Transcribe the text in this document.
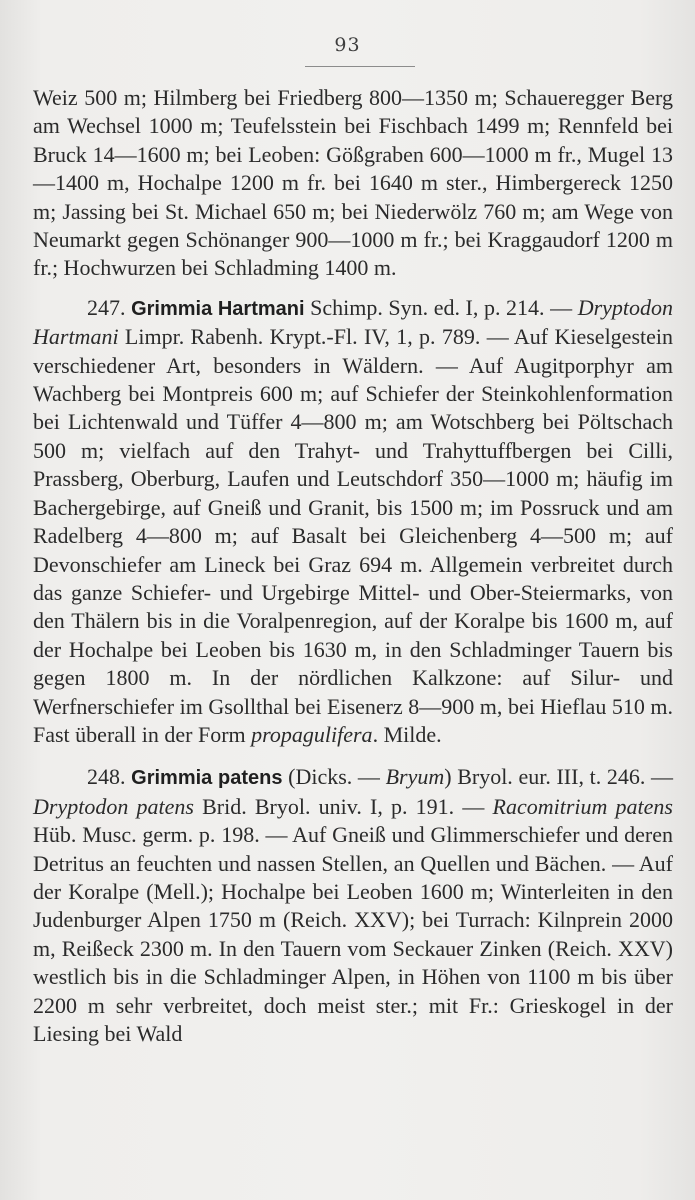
93

Weiz 500 m; Hilmberg bei Friedberg 800—1350 m; Schaueregger Berg am Wechsel 1000 m; Teufelsstein bei Fischbach 1499 m; Rennfeld bei Bruck 14—1600 m; bei Leoben: Gößgraben 600—1000 m fr., Mugel 13—1400 m, Hochalpe 1200 m fr. bei 1640 m ster., Himbergereck 1250 m; Jassing bei St. Michael 650 m; bei Niederwölz 760 m; am Wege von Neumarkt gegen Schönanger 900—1000 m fr.; bei Kraggaudorf 1200 m fr.; Hochwurzen bei Schladming 1400 m.

247. Grimmia Hartmani Schimp. Syn. ed. I, p. 214. — Dryptodon Hartmani Limpr. Rabenh. Krypt.-Fl. IV, 1, p. 789. — Auf Kieselgestein verschiedener Art, besonders in Wäldern. — Auf Augitporphyr am Wachberg bei Montpreis 600 m; auf Schiefer der Steinkohlenformation bei Lichtenwald und Tüffer 4—800 m; am Wotschberg bei Pöltschach 500 m; vielfach auf den Trahyt- und Trahyttuffbergen bei Cilli, Prassberg, Oberburg, Laufen und Leutschdorf 350—1000 m; häufig im Bachergebirge, auf Gneiß und Granit, bis 1500 m; im Possruck und am Radelberg 4—800 m; auf Basalt bei Gleichenberg 4—500 m; auf Devonschiefer am Lineck bei Graz 694 m. Allgemein verbreitet durch das ganze Schiefer- und Urgebirge Mittel- und Ober-Steiermarks, von den Thälern bis in die Voralpenregion, auf der Koralpe bis 1600 m, auf der Hochalpe bei Leoben bis 1630 m, in den Schladminger Tauern bis gegen 1800 m. In der nördlichen Kalkzone: auf Silur- und Werfnerschiefer im Gsollthal bei Eisenerz 8—900 m, bei Hieflau 510 m. Fast überall in der Form propagulifera. Milde.

248. Grimmia patens (Dicks. — Bryum) Bryol. eur. III, t. 246. — Dryptodon patens Brid. Bryol. univ. I, p. 191. — Racomitrium patens Hüb. Musc. germ. p. 198. — Auf Gneiß und Glimmerschiefer und deren Detritus an feuchten und nassen Stellen, an Quellen und Bächen. — Auf der Koralpe (Mell.); Hochalpe bei Leoben 1600 m; Winterleiten in den Judenburger Alpen 1750 m (Reich. XXV); bei Turrach: Kilnprein 2000 m, Reißeck 2300 m. In den Tauern vom Seckauer Zinken (Reich. XXV) westlich bis in die Schladminger Alpen, in Höhen von 1100 m bis über 2200 m sehr verbreitet, doch meist ster.; mit Fr.: Grieskogel in der Liesing bei Wald
